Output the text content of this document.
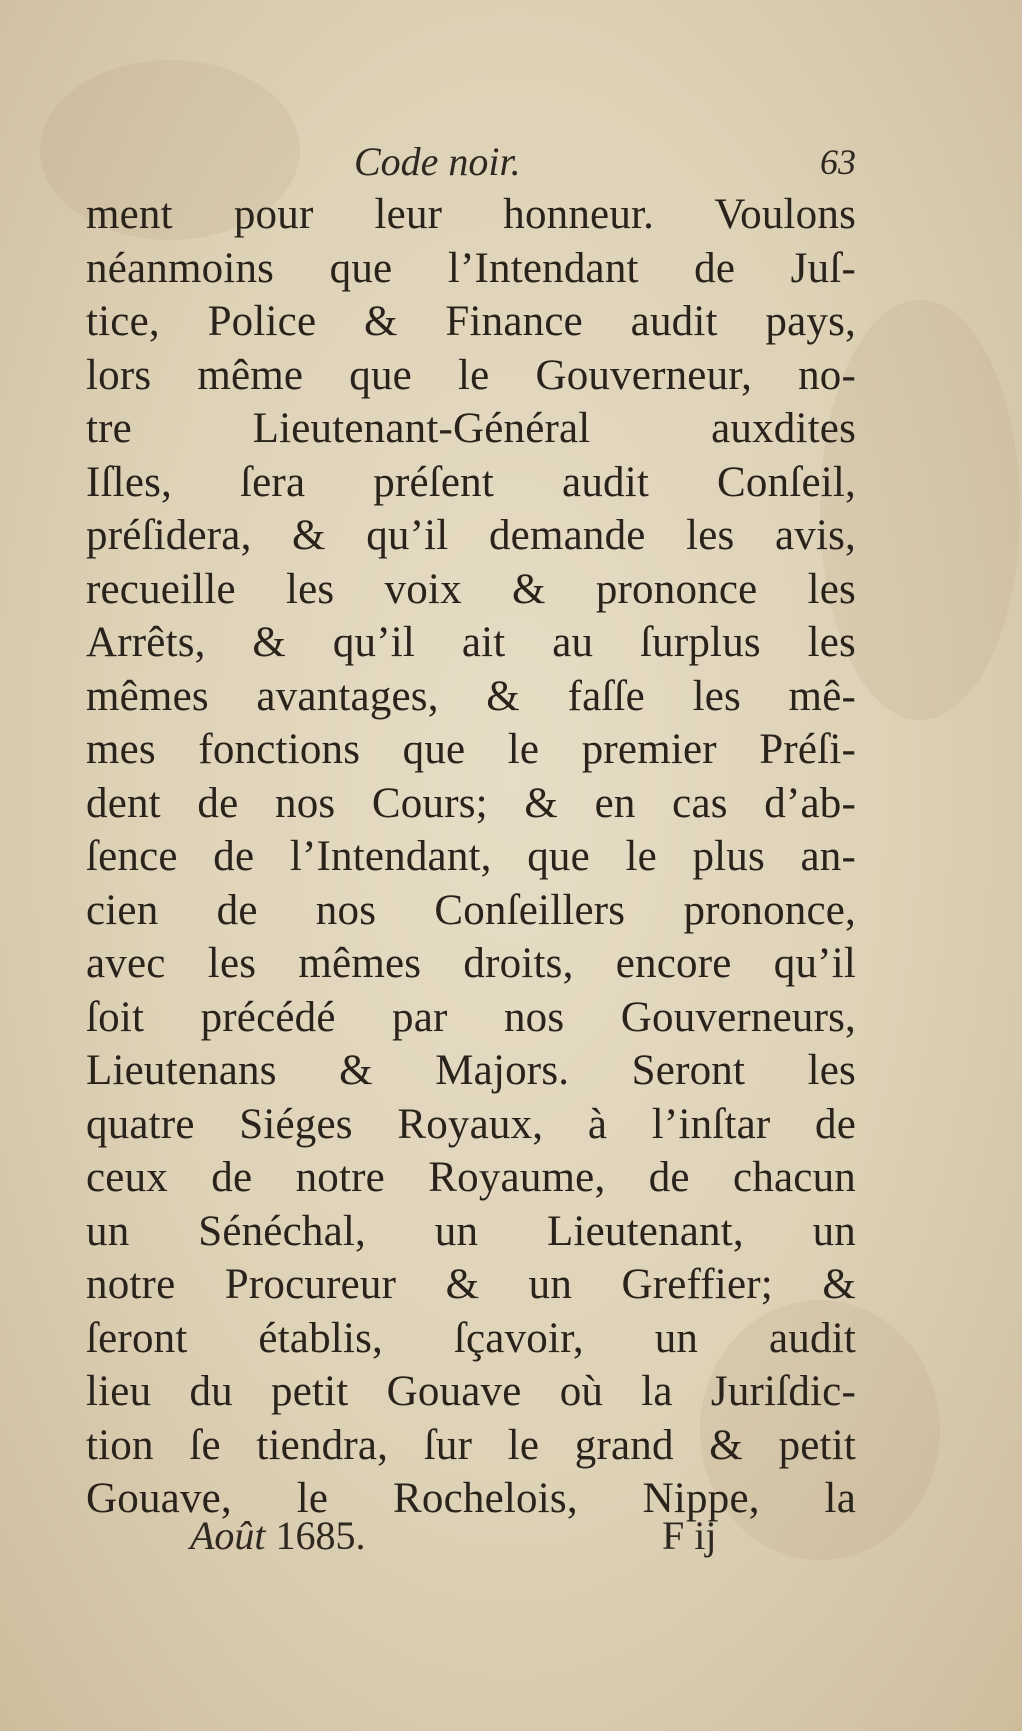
Code noir.	63
ment pour leur honneur. Voulons
néanmoins que l’Intendant de Juſ-
tice, Police & Finance audit pays,
lors même que le Gouverneur, no-
tre Lieutenant-Général auxdites
Iſles, ſera préſent audit Conſeil,
préſidera, & qu’il demande les avis,
recueille les voix & prononce les
Arrêts, & qu’il ait au ſurplus les
mêmes avantages, & faſſe les mê-
mes fonctions que le premier Préſi-
dent de nos Cours; & en cas d’ab-
ſence de l’Intendant, que le plus an-
cien de nos Conſeillers prononce,
avec les mêmes droits, encore qu’il
ſoit précédé par nos Gouverneurs,
Lieutenans & Majors. Seront les
quatre Siéges Royaux, à l’inſtar de
ceux de notre Royaume, de chacun
un Sénéchal, un Lieutenant, un
notre Procureur & un Greffier; &
ſeront établis, ſçavoir, un audit
lieu du petit Gouave où la Juriſdic-
tion ſe tiendra, ſur le grand & petit
Gouave, le Rochelois, Nippe, la
Août 1685.	F ij
